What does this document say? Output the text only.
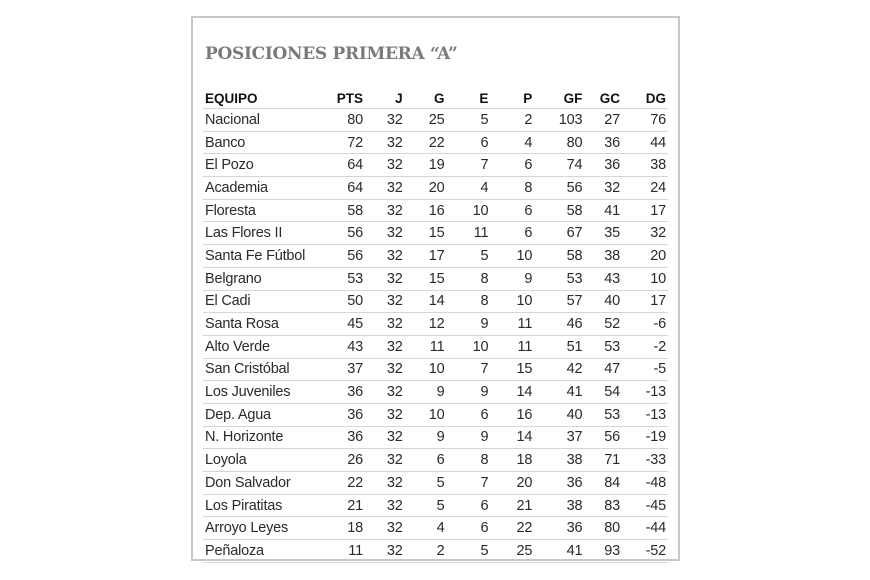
POSICIONES PRIMERA “A”
EQUIPO	PTS	J	G	E	P	GF	GC	DG
Nacional	80	32	25	5	2	103	27	76
Banco	72	32	22	6	4	80	36	44
El Pozo	64	32	19	7	6	74	36	38
Academia	64	32	20	4	8	56	32	24
Floresta	58	32	16	10	6	58	41	17
Las Flores II	56	32	15	11	6	67	35	32
Santa Fe Fútbol	56	32	17	5	10	58	38	20
Belgrano	53	32	15	8	9	53	43	10
El Cadi	50	32	14	8	10	57	40	17
Santa Rosa	45	32	12	9	11	46	52	-6
Alto Verde	43	32	11	10	11	51	53	-2
San Cristóbal	37	32	10	7	15	42	47	-5
Los Juveniles	36	32	9	9	14	41	54	-13
Dep. Agua	36	32	10	6	16	40	53	-13
N. Horizonte	36	32	9	9	14	37	56	-19
Loyola	26	32	6	8	18	38	71	-33
Don Salvador	22	32	5	7	20	36	84	-48
Los Piratitas	21	32	5	6	21	38	83	-45
Arroyo Leyes	18	32	4	6	22	36	80	-44
Peñaloza	11	32	2	5	25	41	93	-52
